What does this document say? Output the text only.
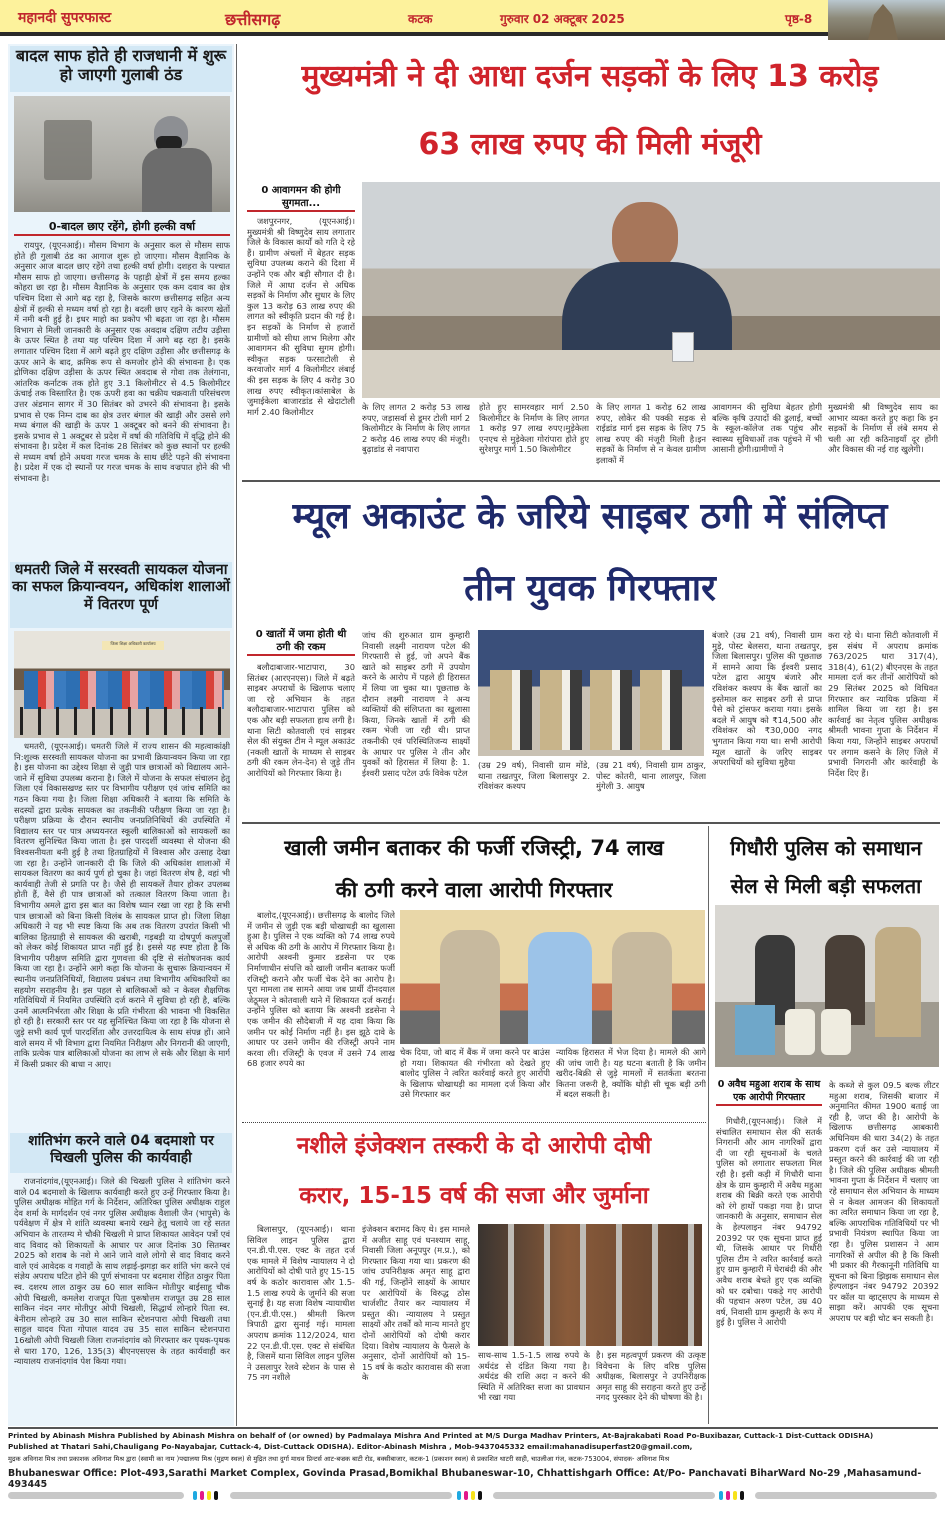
महानदी सुपरफास्ट	छत्तीसगढ़	कटक	गुरुवार 02 अक्टूबर 2025	पृष्ठ-8
बादल साफ होते ही राजधानी में शुरू हो जाएगी गुलाबी ठंड
0-बादल छाए रहेंगे, होगी हल्की वर्षा
रायपुर, (यूएनआई)। मौसम विभाग के अनुसार कल से मौसम साफ होते ही गुलाबी ठंड का आगाज शुरू हो जाएगा। मौसम वैज्ञानिक के अनुसार आज बादल छाए रहेंगे तथा हल्की वर्षा होगी। दशहरा के पश्चात मौसम साफ हो जाएगा। छत्तीसगढ़ के पहाड़ी क्षेत्रों में इस समय हल्का कोहरा छा रहा है। मौसम वैज्ञानिक के अनुसार एक कम दवाव का क्षेत्र पश्चिम दिशा से आगे बढ़ रहा है, जिसके कारण छत्तीसगढ़ सहित अन्य क्षेत्रों में हल्की से मध्यम वर्षा हो रहा है। बदली छाए रहने के कारण खेतों में नमी बनी हुई है। इधर माहो का प्रकोप भी बढ़ता जा रहा है। मौसम विभाग से मिली जानकारी के अनुसार एक अवदाब दक्षिण तटीय उड़ीसा के ऊपर स्थित है तथा यह पश्चिम दिशा में आगे बढ़ रहा है। इसके लगातार पश्चिम दिशा में आगे बढ़ते हुए दक्षिण उड़ीसा और छत्तीसगढ़ के ऊपर आने के बाद, क्रमिक रूप से कमजोर होने की संभावना है। एक द्रोणिका दक्षिण उड़ीसा के ऊपर स्थित अवदाब से गोवा तक तेलंगाना, आंतरिक कर्नाटक तक होते हुए 3.1 किलोमीटर से 4.5 किलोमीटर ऊंचाई तक विस्तारित है। एक ऊपरी हवा का चक्रीय चक्रवाती परिसंचरण उत्तर अंडमान सागर में 30 सितंबर को उभरने की संभावना है। इसके प्रभाव से एक निम्न दाब का क्षेत्र उत्तर बंगाल की खाड़ी और उससे लगे मध्य बंगाल की खाड़ी के ऊपर 1 अक्टूबर को बनने की संभावना है। इसके प्रभाव से 1 अक्टूबर से प्रदेश में वर्षा की गतिविधि में वृद्धि होने की संभावना है। प्रदेश में कल दिनांक 28 सितंबर को कुछ स्थानों पर हल्की से मध्यम वर्षा होने अथवा गरज चमक के साथ छींटे पड़ने की संभावना है। प्रदेश में एक दो स्थानों पर गरज चमक के साथ वज्रपात होने की भी संभावना है।
धमतरी जिले में सरस्वती सायकल योजना का सफल क्रियान्वयन, अधिकांश शालाओं में वितरण पूर्ण
जिला शिक्षा अधिकारी कार्यालय
धमतरी, (यूएनआई)। धमतरी जिले में राज्य शासन की महत्वाकांक्षी नि:शुल्क सरस्वती सायकल योजना का प्रभावी क्रियान्वयन किया जा रहा है। इस योजना का उद्देश्य शिक्षा से जुड़ी पात्र छात्राओं को विद्यालय आने-जाने में सुविधा उपलब्ध कराना है। जिले में योजना के सफल संचालन हेतु जिला एवं विकासखण्ड स्तर पर विभागीय परीक्षण एवं जांच समिति का गठन किया गया है। जिला शिक्षा अधिकारी ने बताया कि समिति के सदस्यों द्वारा प्रत्येक सायकल का तकनीकी परीक्षण किया जा रहा है। परीक्षण प्रक्रिया के दौरान स्थानीय जनप्रतिनिधियों की उपस्थिति में विद्यालय स्तर पर पात्र अध्ययनरत स्कूली बालिकाओं को सायकलों का वितरण सुनिश्चित किया जाता है। इस पारदर्शी व्यवस्था से योजना की विश्वसनीयता बनी हुई है तथा हितग्राहियों में विश्वास और उत्साह देखा जा रहा है। उन्होंने जानकारी दी कि जिले की अधिकांश शालाओं में सायकल वितरण का कार्य पूर्ण हो चुका है। जहां वितरण शेष है, वहां भी कार्यवाही तेजी से प्रगति पर है। जैसे ही सायकलें तैयार होकर उपलब्ध होती हैं, वैसे ही पात्र छात्राओं को तत्काल वितरण किया जाता है। विभागीय अमले द्वारा इस बात का विशेष ध्यान रखा जा रहा है कि सभी पात्र छात्राओं को बिना किसी विलंब के सायकल प्राप्त हो। जिला शिक्षा अधिकारी ने यह भी स्पष्ट किया कि अब तक वितरण उपरांत किसी भी बालिका हितग्राही से सायकल की खराबी, गड़बड़ी या दोषपूर्ण कलपुर्जों को लेकर कोई शिकायत प्राप्त नहीं हुई है। इससे यह स्पष्ट होता है कि विभागीय परीक्षण समिति द्वारा गुणवत्ता की दृष्टि से संतोषजनक कार्य किया जा रहा है। उन्होंने आगे कहा कि योजना के सुचारू क्रियान्वयन में स्थानीय जनप्रतिनिधियों, विद्यालय प्रबंधन तथा विभागीय अधिकारियों का सहयोग सराहनीय है। इस पहल से बालिकाओं को न केवल शैक्षणिक गतिविधियों में नियमित उपस्थिति दर्ज कराने में सुविधा हो रही है, बल्कि उनमें आत्मनिर्भरता और शिक्षा के प्रति गंभीरता की भावना भी विकसित हो रही है। सरकारी स्तर पर यह सुनिश्चित किया जा रहा है कि योजना से जुड़े सभी कार्य पूर्ण पारदर्शिता और उत्तरदायित्व के साथ संपन्न हों। आने वाले समय में भी विभाग द्वारा नियमित निरीक्षण और निगरानी की जाएगी, ताकि प्रत्येक पात्र बालिकाओं योजना का लाभ ले सके और शिक्षा के मार्ग में किसी प्रकार की बाधा न आए।
शांतिभंग करने वाले 04 बदमाशो पर चिखली पुलिस की कार्यवाही
राजनांदगांव,(यूएनआई)। जिले की चिखली पुलिस ने शांतिभंग करने वाले 04 बदमाशो के खिलाफ कार्यवाही करते हुए उन्हें गिरफ्तार किया है। पुलिस अधीक्षक मोहित गर्ग के निर्देशन, अतिरिक्त पुलिस अधीक्षक राहुल देव शर्मा के मार्गदर्शन एवं नगर पुलिस अधीक्षक वैशाली जैन (भापुसे) के पर्यवेक्षण में क्षेत्र मे शांति व्यवस्था बनाये रखने हेतु चलाये जा रहे सतत अभियान के तारतम्य मे चौकी चिखली मे प्राप्त शिकायत आवेदन पत्रों एवं वाद विवाद को शिकायतों के आधार पर आज दिनांक 30 सितम्बर 2025 को शराब के नशे मे आने जाने वाले लोगो से वाद विवाद करने वाले एवं आवेदक व गवाहों के साथ लड़ाई-झगड़ा कर शांति भंग करने एवं संज्ञेय अपराध घटित होने की पूर्ण संभावना पर बदमाश रोहित ठाकुर पिता स्व. दशरथ लाल ठाकुर उम्र 60 साल साकिन मोतीपुर बाईसाहू चौक ओपी चिखली, कमलेश राजपूत पिता पुरूषोत्तम राजपूत उम्र 28 साल साकिन नंदन नगर मोतीपुर ओपी चिखली, सिद्धार्थ लोन्हारे पिता स्व. बेनीराम लोन्हारे उम्र 30 साल साकिन स्टेशनपारा ओपी चिखली तथा साहुल यादव पिता गोपाल यादव उम्र 35 साल साकिन स्टेशनपारा 16खोली ओपी चिखली जिला राजनांदगांव को गिरफ्तार कर पृथक-पृथक से धारा 170, 126, 135(3) बीएनएसएस के तहत कार्यवाही कर न्यायालय राजनांदगांव पेश किया गया।
मुख्यमंत्री ने दी आधा दर्जन सड़कों के लिए 13 करोड़
63 लाख रुपए की मिली मंजूरी
0 आवागमन की होगी सुगमता...
जशपुरनगर, (यूएनआई)। मुख्यमंत्री श्री विष्णुदेव साय लगातार जिले के विकास कार्यों को गति दे रहे हैं। ग्रामीण अंचलों में बेहतर सड़क सुविधा उपलब्ध कराने की दिशा में उन्होंने एक और बड़ी सौगात दी है।जिले में आधा दर्जन से अधिक सड़कों के निर्माण और सुधार के लिए कुल 13 करोड़ 63 लाख रुपए की लागत को स्वीकृति प्रदान की गई है। इन सड़कों के निर्माण से हजारों ग्रामीणों को सीधा लाभ मिलेगा और आवागमन की सुविधा सुगम होगी।स्वीकृत सड़क फरसाटोली से करवाजोर मार्ग 4 किलोमीटर लंबाई की इस सड़क के लिए 4 करोड़ 30 लाख रुपए स्वीकृत।कांसाबेल के जुमाईकेला बाजारडांड से खेदाटोली मार्ग 2.40 किलोमीटर	के लिए लागत 2 करोड़ 53 लाख रुपए, जड़ासर्वा से डूमर टोली मार्ग 2 किलोमीटर के निर्माण के लिए लागत 2 करोड़ 46 लाख रुपए की मंजूरी।बुढ़ाडांड से नवापारा
होते हुए सामरवहार मार्ग 2.50 किलोमीटर के निर्माण के लिए लागत 1 करोड़ 97 लाख रुपए।मुड़ेकेला एनएच से मुड़ेकेला गोरांपारा होते हुए सुरेशपुर मार्ग 1.50 किलोमीटर
के लिए लागत 1 करोड़ 62 लाख रुपए, लोकेर की पक्की सड़क से राईडांड मार्ग इस सड़क के लिए 75 लाख रुपए की मंजूरी मिली है।इन सड़कों के निर्माण से न केवल ग्रामीण इलाकों में
आवागमन की सुविधा बेहतर होगी बल्कि कृषि उत्पादों की ढुलाई, बच्चों के स्कूल-कॉलेज तक पहुंच और स्वास्थ्य सुविधाओं तक पहुंचने में भी आसानी होगी।ग्रामीणों ने
मुख्यमंत्री श्री विष्णुदेव साय का आभार व्यक्त करते हुए कहा कि इन सड़कों के निर्माण से लंबे समय से चली आ रही कठिनाइयाँ दूर होंगी और विकास की नई राह खुलेगी।
म्यूल अकाउंट के जरिये साइबर ठगी में संलिप्त
तीन युवक गिरफ्तार
0 खातों में जमा होती थी ठगी की रकम
बलौदाबाजार-भाटापारा, 30 सितंबर (आरएनएस)। जिले में बढ़ते साइबर अपराधों के खिलाफ चलाए जा रहे अभियान के तहत बलौदाबाजार-भाटापारा पुलिस को एक और बड़ी सफलता हाथ लगी है। थाना सिटी कोतवाली एवं साइबर सेल की संयुक्त टीम ने म्यूल अकाउंट (नकली खातों के माध्यम से साइबर ठगी की रकम लेन-देन) से जुड़े तीन आरोपियों को गिरफ्तार किया है।
जांच की शुरुआत ग्राम कुम्हारी निवासी लक्ष्मी नारायण पटेल की गिरफ्तारी से हुई, जो अपने बैंक खाते को साइबर ठगी में उपयोग करने के आरोप में पहले ही हिरासत में लिया जा चुका था। पूछताछ के दौरान लक्ष्मी नारायण ने अन्य व्यक्तियों की संलिप्तता का खुलासा किया, जिनके खातों में ठगी की रकम भेजी जा रही थी। प्राप्त तकनीकी एवं परिस्थितिजन्य साक्ष्यों के आधार पर पुलिस ने तीन और युवकों को हिरासत में लिया है: 1. ईश्वरी प्रसाद पटेल उर्फ विवेक पटेल
(उम्र 29 वर्ष), निवासी ग्राम मोंडे, थाना तखतपुर, जिला बिलासपुर 2. रविशंकर कश्यप
(उम्र 21 वर्ष), निवासी ग्राम ठाकुर, पोस्ट कोतरी, थाना लालपुर, जिला मुंगेली 3. आयुष
बंजारे (उम्र 21 वर्ष), निवासी ग्राम मुड़े, पोस्ट बेलसरा, थाना तखतपुर, जिला बिलासपुर। पुलिस की पूछताछ में सामने आया कि ईश्वरी प्रसाद पटेल द्वारा आयुष बंजारे और रविशंकर कश्यप के बैंक खातों का इस्तेमाल कर साइबर ठगी से प्राप्त पैसे को ट्रांसफर कराया गया। इसके बदले में आयुष को ₹14,500 और रविशंकर को ₹30,000 नगद भुगतान किया गया था। सभी आरोपी म्यूल खातों के जरिए साइबर अपराधियों को सुविधा मुहैया
करा रहे थे। थाना सिटी कोतवाली में इस संबंध में अपराध क्रमांक 763/2025 धारा 317(4), 318(4), 61(2) बीएनएस के तहत मामला दर्ज कर तीनों आरोपियों को 29 सितंबर 2025 को विधिवत गिरफ्तार कर न्यायिक प्रक्रिया में शामिल किया जा रहा है। इस कार्रवाई का नेतृत्व पुलिस अधीक्षक श्रीमती भावना गुप्ता के निर्देशन में किया गया, जिन्होंने साइबर अपराधों पर लगाम कसने के लिए जिले में प्रभावी निगरानी और कार्रवाही के निर्देश दिए हैं।
खाली जमीन बताकर की फर्जी रजिस्ट्री, 74 लाख
की ठगी करने वाला आरोपी गिरफ्तार
बालोद,(यूएनआई)। छत्तीसगढ़ के बालोद जिले में जमीन से जुड़ी एक बड़ी धोखाधड़ी का खुलासा हुआ है। पुलिस ने एक व्यक्ति को 74 लाख रुपये से अधिक की ठगी के आरोप में गिरफ्तार किया है। आरोपी अश्वनी कुमार डडसेना पर एक निर्माणाधीन संपत्ति को खाली जमीन बताकर फर्जी रजिस्ट्री कराने और फर्जी चेक देने का आरोप है। पूरा मामला तब सामने आया जब प्रार्थी दीनदयाल जेठूमल ने कोतवाली थाने में शिकायत दर्ज कराई। उन्होंने पुलिस को बताया कि अश्वनी डडसेना ने एक जमीन की सौदेबाजी में यह दावा किया कि जमीन पर कोई निर्माण नहीं है। इस झूठे दावे के आधार पर उसने जमीन की रजिस्ट्री अपने नाम करवा ली। रजिस्ट्री के एवज में उसने 74 लाख 68 हजार रुपये का
चेक दिया, जो बाद में बैंक में जमा करने पर बाउंस हो गया। शिकायत की गंभीरता को देखते हुए बालोद पुलिस ने त्वरित कार्रवाई करते हुए आरोपी के खिलाफ धोखाधड़ी का मामला दर्ज किया और उसे गिरफ्तार कर
न्यायिक हिरासत में भेज दिया है। मामले की आगे की जांच जारी है। यह घटना बताती है कि जमीन खरीद-बिक्री से जुड़े मामलों में सतर्कता बरतना कितना जरूरी है, क्योंकि थोड़ी सी चूक बड़ी ठगी में बदल सकती है।
नशीले इंजेक्शन तस्करी के दो आरोपी दोषी
करार, 15-15 वर्ष की सजा और जुर्माना
बिलासपुर, (यूएनआई)। थाना सिविल लाइन पुलिस द्वारा एन.डी.पी.एस. एक्ट के तहत दर्ज एक मामले में विशेष न्यायालय ने दो आरोपियों को दोषी पाते हुए 15-15 वर्ष के कठोर कारावास और 1.5-1.5 लाख रुपये के जुर्माने की सजा सुनाई है। यह सजा विशेष न्यायाधीश (एन.डी.पी.एस.) श्रीमती किरण त्रिपाठी द्वारा सुनाई गई। मामला अपराध क्रमांक 112/2024, धारा 22 एन.डी.पी.एस. एक्ट से संबंधित है, जिसमें थाना सिविल लाइन पुलिस ने उसलापुर रेलवे स्टेशन के पास से 75 नग नशीले
इंजेक्शन बरामद किए थे। इस मामले में अजीत साहू एवं घनश्याम साहू, निवासी जिला अनूपपुर (म.प्र.), को गिरफ्तार किया गया था। प्रकरण की जांच उपनिरीक्षक अमृत साहू द्वारा की गई, जिन्होंने साक्ष्यों के आधार पर आरोपियों के विरुद्ध ठोस चार्जशीट तैयार कर न्यायालय में प्रस्तुत की। न्यायालय ने प्रस्तुत साक्ष्यों और तर्कों को मान्य मानते हुए दोनों आरोपियों को दोषी करार दिया। विशेष न्यायालय के फैसले के अनुसार, दोनों आरोपियों को 15-15 वर्ष के कठोर कारावास की सजा के
साथ-साथ 1.5-1.5 लाख रुपये के अर्थदंड से दंडित किया गया है। अर्थदंड की राशि अदा न करने की स्थिति में अतिरिक्त सजा का प्रावधान भी रखा गया
है। इस महत्वपूर्ण प्रकरण की उत्कृष्ट विवेचना के लिए वरिष्ठ पुलिस अधीक्षक, बिलासपुर ने उपनिरीक्षक अमृत साहू की सराहना करते हुए उन्हें नगद पुरस्कार देने की घोषणा की है।
गिधौरी पुलिस को समाधान
सेल से मिली बड़ी सफलता
0 अवैध महुआ शराब के साथ एक आरोपी गिरफ्तार
गिधौरी,(यूएनआई)। जिले में संचालित समाधान सेल की सतर्क निगरानी और आम नागरिकों द्वारा दी जा रही सूचनाओं के चलते पुलिस को लगातार सफलता मिल रही है। इसी कड़ी में गिधौरी थाना क्षेत्र के ग्राम कुम्हारी में अवैध महुआ शराब की बिक्री करते एक आरोपी को रंगे हाथों पकड़ा गया है। प्राप्त जानकारी के अनुसार, समाधान सेल के हेल्पलाइन नंबर 94792 20392 पर एक सूचना प्राप्त हुई थी, जिसके आधार पर गिधौरी पुलिस टीम ने त्वरित कार्रवाई करते हुए ग्राम कुम्हारी में घेराबंदी की और अवैध शराब बेचते हुए एक व्यक्ति को धर दबोचा। पकड़े गए आरोपी की पहचान अरुण पटेल, उम्र 40 वर्ष, निवासी ग्राम कुम्हारी के रूप में हुई है। पुलिस ने आरोपी
के कब्जे से कुल 09.5 बल्क लीटर महुआ शराब, जिसकी बाजार में अनुमानित कीमत 1900 बताई जा रही है, जप्त की है। आरोपी के खिलाफ छत्तीसगढ़ आबकारी अधिनियम की धारा 34(2) के तहत प्रकरण दर्ज कर उसे न्यायालय में प्रस्तुत करने की कार्रवाई की जा रही है। जिले की पुलिस अधीक्षक श्रीमती भावना गुप्ता के निर्देशन में चलाए जा रहे समाधान सेल अभियान के माध्यम से न केवल आमजन की शिकायतों का त्वरित समाधान किया जा रहा है, बल्कि आपराधिक गतिविधियों पर भी प्रभावी नियंत्रण स्थापित किया जा रहा है। पुलिस प्रशासन ने आम नागरिकों से अपील की है कि किसी भी प्रकार की गैरकानूनी गतिविधि या सूचना को बिना झिझक समाधान सेल हेल्पलाइन नंबर 94792 20392 पर कॉल या व्हाट्सएप के माध्यम से साझा करें। आपकी एक सूचना अपराध पर बड़ी चोट बन सकती है।
Printed by Abinash Mishra Published by Abinash Mishra on behalf of (or owned) by Padmalaya Mishra And Printed at M/S Durga Madhav Printers, At-Bajrakabati Road Po-Buxibazar, Cuttack-1 Dist-Cuttack ODISHA)
Published at Thatari Sahi,Chauligang Po-Nayabajar, Cuttack-4, Dist-Cuttack ODISHA). Editor-Abinash Mishra , Mob-9437045332 email:mahanadisuperfast20@gmail.com,
मुद्रक अविनाश मिश्र तथा प्रकाशक अविनाश मिश्र द्वारा (स्वामी का नाम )पद्मालया मिश्र (मुद्रण स्थल) से मुद्रित तथा दुर्गा माधव प्रिन्टर्स आट-बज्रक बाटी रोड, बक्सीबाजार, कटक-1 (प्रकाशन स्थल) से प्रकाशित थाटरी साही, चाउलीआ गंज, कटक-753004, संपादक- अविनाश मिश्र
Bhubaneswar Office: Plot-493,Sarathi Market Complex, Govinda Prasad,Bomikhal Bhubaneswar-10, Chhattishgarh Office: At/Po- Panchavati BiharWard No-29 ,Mahasamund-493445
